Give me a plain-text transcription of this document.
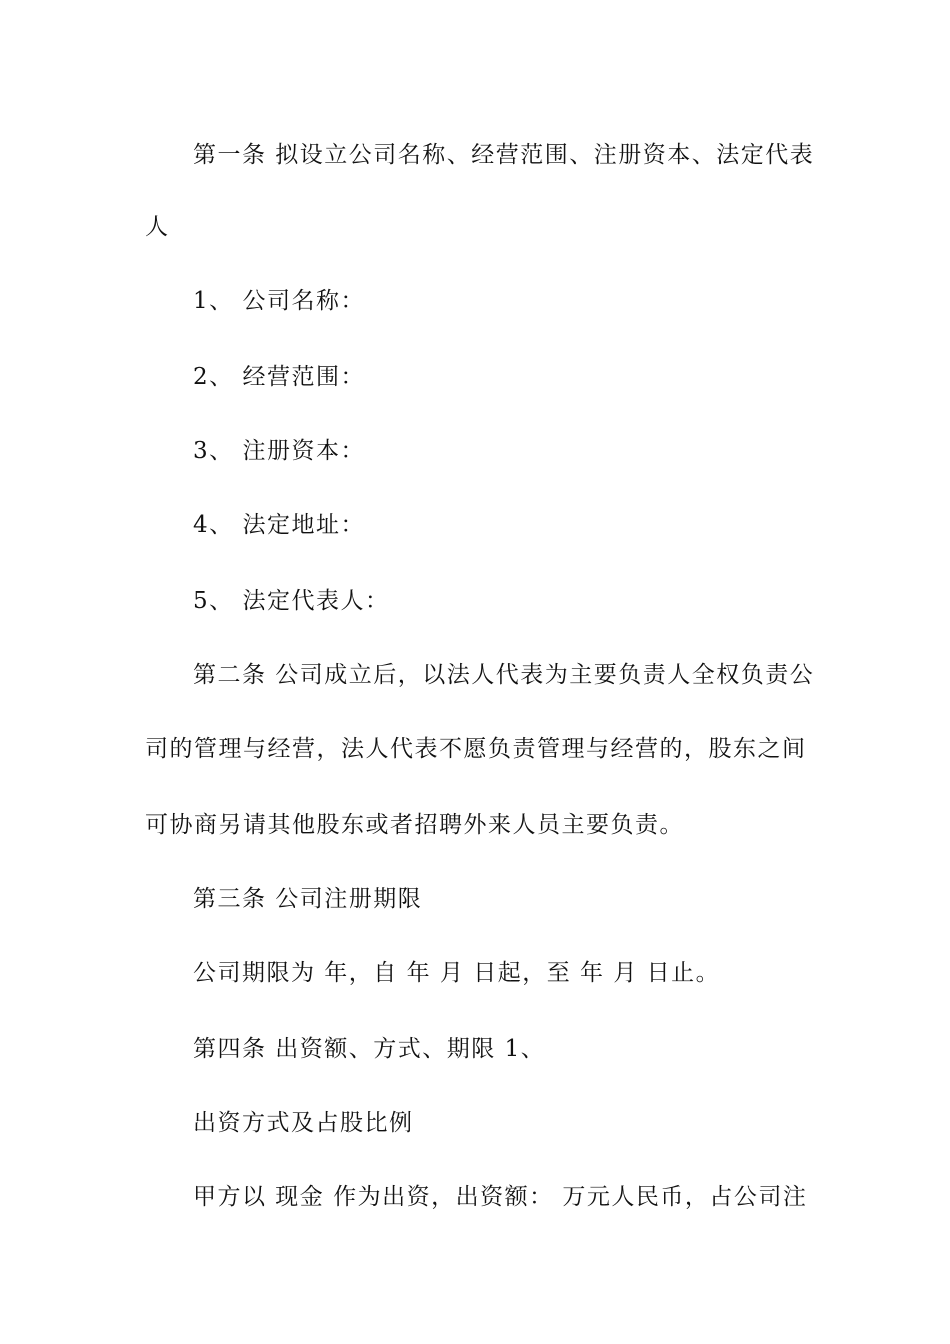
第一条 拟设立公司名称、经营范围、注册资本、法定代表
人
1、 公司名称：
2、 经营范围：
3、 注册资本：
4、 法定地址：
5、 法定代表人：
第二条 公司成立后，以法人代表为主要负责人全权负责公
司的管理与经营，法人代表不愿负责管理与经营的，股东之间
可协商另请其他股东或者招聘外来人员主要负责。
第三条 公司注册期限
公司期限为 年，自 年 月 日起，至 年 月 日止。
第四条 出资额、方式、期限 1、
出资方式及占股比例
甲方以 现金 作为出资，出资额： 万元人民币，占公司注
